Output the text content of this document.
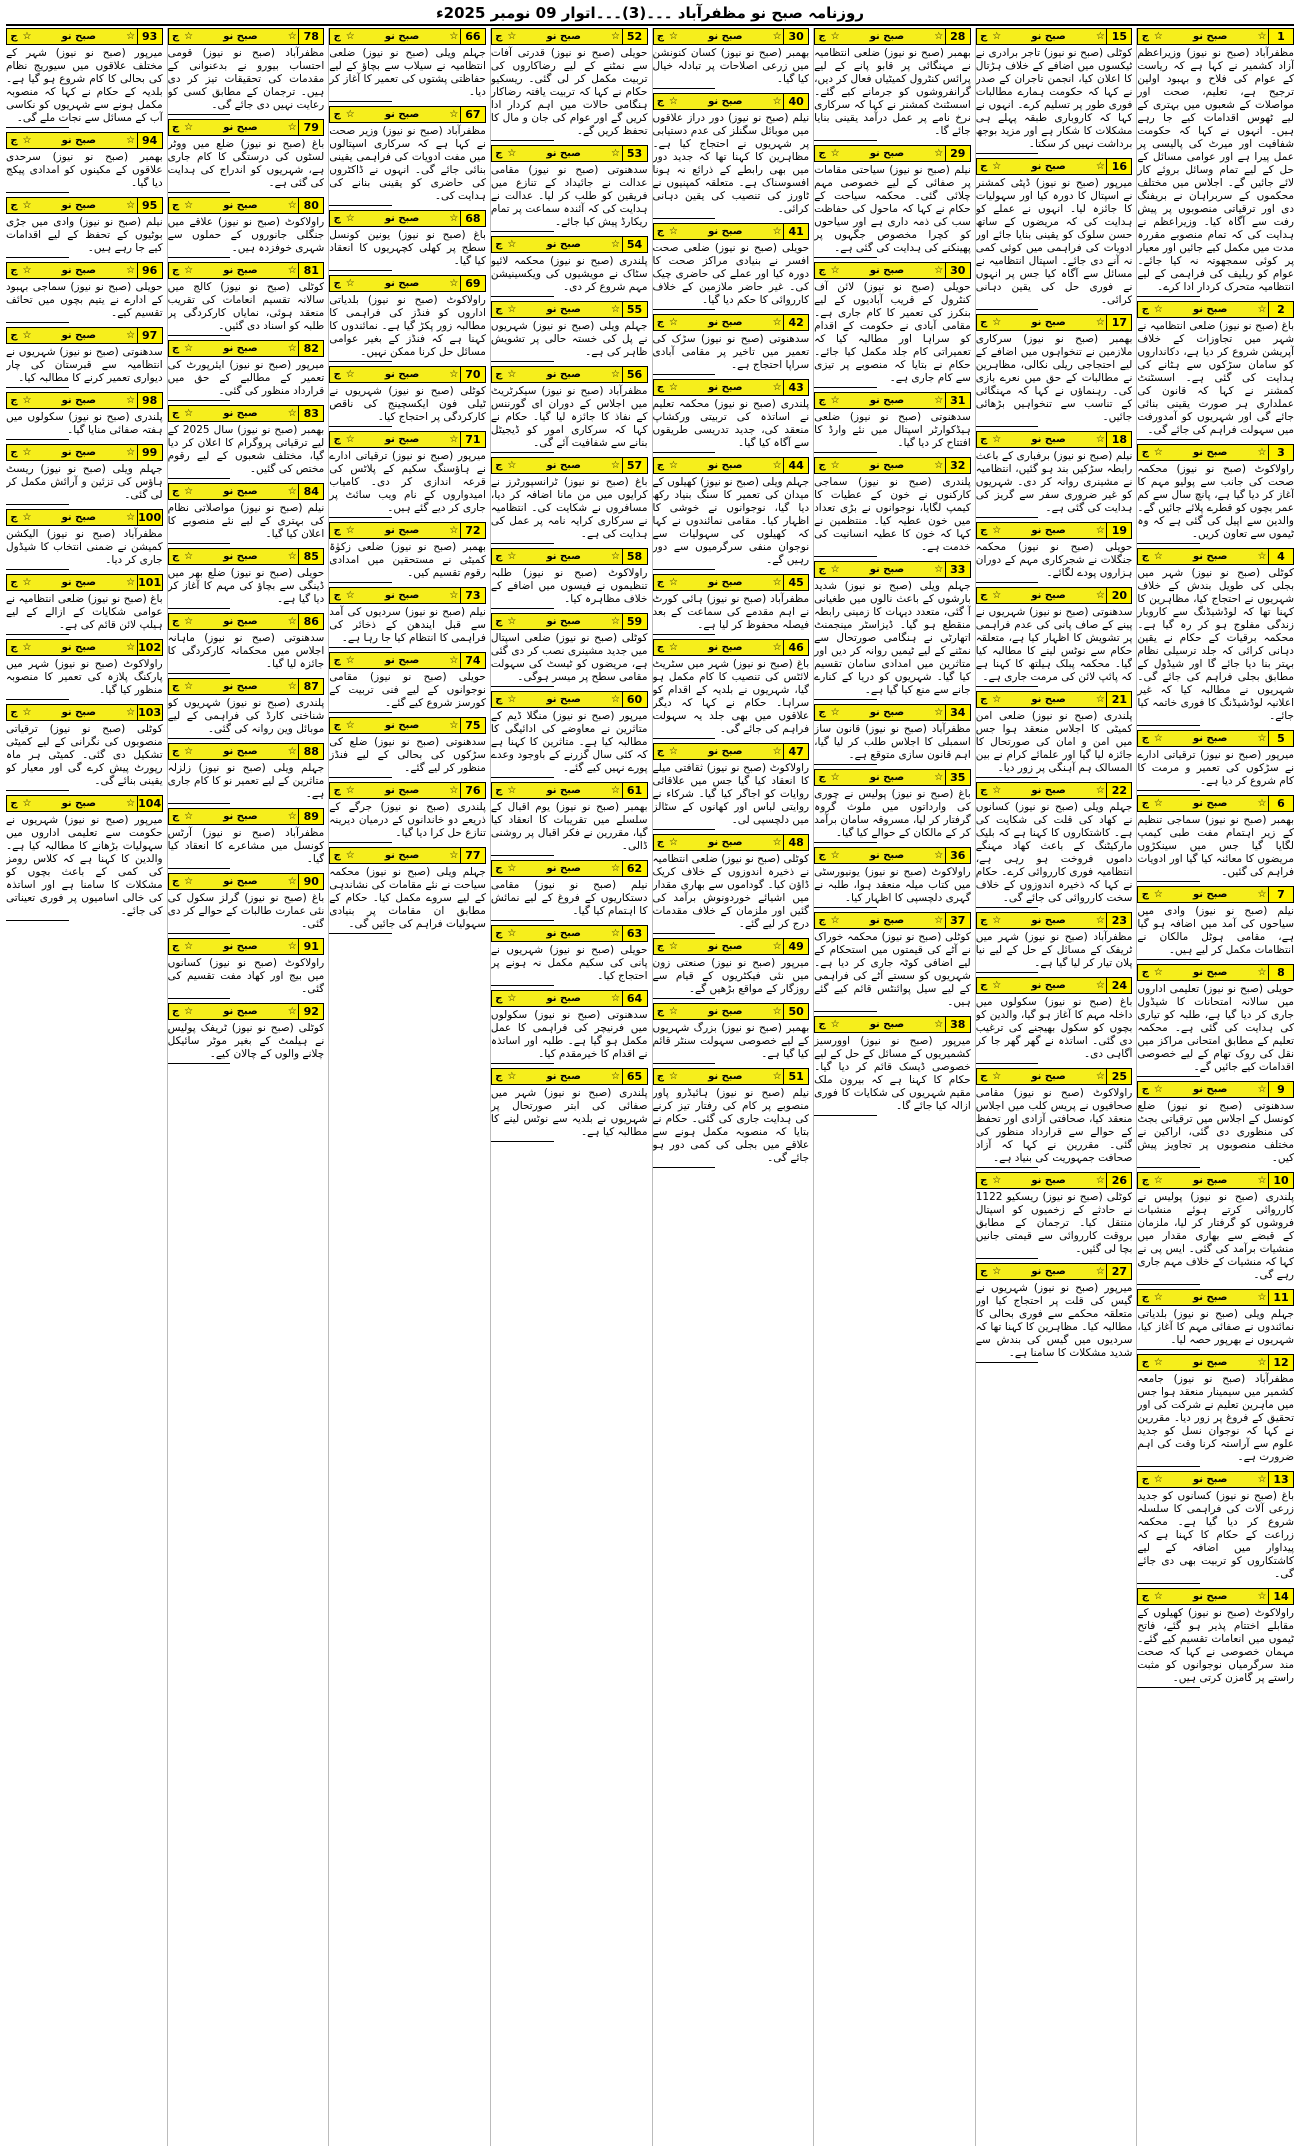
روزنامہ صبح نو مظفرآباد ۔۔۔(3)۔۔۔اتوار 09 نومبر 2025ء
1
☆
صبح نو
☆
ج
مظفرآباد (صبح نو نیوز) وزیراعظم آزاد کشمیر نے کہا ہے کہ ریاست کے عوام کی فلاح و بہبود اولین ترجیح ہے، تعلیم، صحت اور مواصلات کے شعبوں میں بہتری کے لیے ٹھوس اقدامات کیے جا رہے ہیں۔ انہوں نے کہا کہ حکومت شفافیت اور میرٹ کی پالیسی پر عمل پیرا ہے اور عوامی مسائل کے حل کے لیے تمام وسائل بروئے کار لائے جائیں گے۔ اجلاس میں مختلف محکموں کے سربراہان نے بریفنگ دی اور ترقیاتی منصوبوں پر پیش رفت سے آگاہ کیا۔ وزیراعظم نے ہدایت کی کہ تمام منصوبے مقررہ مدت میں مکمل کیے جائیں اور معیار پر کوئی سمجھوتہ نہ کیا جائے۔ عوام کو ریلیف کی فراہمی کے لیے انتظامیہ متحرک کردار ادا کرے۔
2
☆
صبح نو
☆
ج
باغ (صبح نو نیوز) ضلعی انتظامیہ نے شہر میں تجاوزات کے خلاف آپریشن شروع کر دیا ہے، دکانداروں کو سامان سڑکوں سے ہٹانے کی ہدایت کی گئی ہے۔ اسسٹنٹ کمشنر نے کہا کہ قانون کی عملداری ہر صورت یقینی بنائی جائے گی اور شہریوں کو آمدورفت میں سہولت فراہم کی جائے گی۔
3
☆
صبح نو
☆
ج
راولاکوٹ (صبح نو نیوز) محکمہ صحت کی جانب سے پولیو مہم کا آغاز کر دیا گیا ہے، پانچ سال سے کم عمر بچوں کو قطرے پلائے جائیں گے۔ والدین سے اپیل کی گئی ہے کہ وہ ٹیموں سے تعاون کریں۔
4
☆
صبح نو
☆
ج
کوٹلی (صبح نو نیوز) شہر میں بجلی کی طویل بندش کے خلاف شہریوں نے احتجاج کیا، مظاہرین کا کہنا تھا کہ لوڈشیڈنگ سے کاروبار زندگی مفلوج ہو کر رہ گیا ہے۔ محکمہ برقیات کے حکام نے یقین دہانی کرائی کہ جلد ترسیلی نظام بہتر بنا دیا جائے گا اور شیڈول کے مطابق بجلی فراہم کی جائے گی۔ شہریوں نے مطالبہ کیا کہ غیر اعلانیہ لوڈشیڈنگ کا فوری خاتمہ کیا جائے۔
5
☆
صبح نو
☆
ج
میرپور (صبح نو نیوز) ترقیاتی ادارے نے سڑکوں کی تعمیر و مرمت کا کام شروع کر دیا ہے۔
6
☆
صبح نو
☆
ج
بھمبر (صبح نو نیوز) سماجی تنظیم کے زیر اہتمام مفت طبی کیمپ لگایا گیا جس میں سینکڑوں مریضوں کا معائنہ کیا گیا اور ادویات فراہم کی گئیں۔
7
☆
صبح نو
☆
ج
نیلم (صبح نو نیوز) وادی میں سیاحوں کی آمد میں اضافہ ہو گیا ہے، مقامی ہوٹل مالکان نے انتظامات مکمل کر لیے ہیں۔
8
☆
صبح نو
☆
ج
حویلی (صبح نو نیوز) تعلیمی اداروں میں سالانہ امتحانات کا شیڈول جاری کر دیا گیا ہے، طلبہ کو تیاری کی ہدایت کی گئی ہے۔ محکمہ تعلیم کے مطابق امتحانی مراکز میں نقل کی روک تھام کے لیے خصوصی اقدامات کیے جائیں گے۔
9
☆
صبح نو
☆
ج
سدھنوتی (صبح نو نیوز) ضلع کونسل کے اجلاس میں ترقیاتی بجٹ کی منظوری دی گئی، اراکین نے مختلف منصوبوں پر تجاویز پیش کیں۔
10
☆
صبح نو
☆
ج
پلندری (صبح نو نیوز) پولیس نے کارروائی کرتے ہوئے منشیات فروشوں کو گرفتار کر لیا، ملزمان کے قبضے سے بھاری مقدار میں منشیات برآمد کی گئی۔ ایس پی نے کہا کہ منشیات کے خلاف مہم جاری رہے گی۔
11
☆
صبح نو
☆
ج
جہلم ویلی (صبح نو نیوز) بلدیاتی نمائندوں نے صفائی مہم کا آغاز کیا، شہریوں نے بھرپور حصہ لیا۔
12
☆
صبح نو
☆
ج
مظفرآباد (صبح نو نیوز) جامعہ کشمیر میں سیمینار منعقد ہوا جس میں ماہرین تعلیم نے شرکت کی اور تحقیق کے فروغ پر زور دیا۔ مقررین نے کہا کہ نوجوان نسل کو جدید علوم سے آراستہ کرنا وقت کی اہم ضرورت ہے۔
13
☆
صبح نو
☆
ج
باغ (صبح نو نیوز) کسانوں کو جدید زرعی آلات کی فراہمی کا سلسلہ شروع کر دیا گیا ہے۔ محکمہ زراعت کے حکام کا کہنا ہے کہ پیداوار میں اضافہ کے لیے کاشتکاروں کو تربیت بھی دی جائے گی۔
14
☆
صبح نو
☆
ج
راولاکوٹ (صبح نو نیوز) کھیلوں کے مقابلے اختتام پذیر ہو گئے، فاتح ٹیموں میں انعامات تقسیم کیے گئے۔ مہمان خصوصی نے کہا کہ صحت مند سرگرمیاں نوجوانوں کو مثبت راستے پر گامزن کرتی ہیں۔
15
☆
صبح نو
☆
ج
کوٹلی (صبح نو نیوز) تاجر برادری نے ٹیکسوں میں اضافے کے خلاف ہڑتال کا اعلان کیا، انجمن تاجران کے صدر نے کہا کہ حکومت ہمارے مطالبات فوری طور پر تسلیم کرے۔ انہوں نے کہا کہ کاروباری طبقہ پہلے ہی مشکلات کا شکار ہے اور مزید بوجھ برداشت نہیں کر سکتا۔
16
☆
صبح نو
☆
ج
میرپور (صبح نو نیوز) ڈپٹی کمشنر نے اسپتال کا دورہ کیا اور سہولیات کا جائزہ لیا۔ انہوں نے عملے کو ہدایت کی کہ مریضوں کے ساتھ حسن سلوک کو یقینی بنایا جائے اور ادویات کی فراہمی میں کوئی کمی نہ آنے دی جائے۔ اسپتال انتظامیہ نے مسائل سے آگاہ کیا جس پر انہوں نے فوری حل کی یقین دہانی کرائی۔
17
☆
صبح نو
☆
ج
بھمبر (صبح نو نیوز) سرکاری ملازمین نے تنخواہوں میں اضافے کے لیے احتجاجی ریلی نکالی، مظاہرین نے مطالبات کے حق میں نعرے بازی کی۔ رہنماؤں نے کہا کہ مہنگائی کے تناسب سے تنخواہیں بڑھائی جائیں۔
18
☆
صبح نو
☆
ج
نیلم (صبح نو نیوز) برفباری کے باعث رابطہ سڑکیں بند ہو گئیں، انتظامیہ نے مشینری روانہ کر دی۔ شہریوں کو غیر ضروری سفر سے گریز کی ہدایت کی گئی ہے۔
19
☆
صبح نو
☆
ج
حویلی (صبح نو نیوز) محکمہ جنگلات نے شجرکاری مہم کے دوران ہزاروں پودے لگائے۔
20
☆
صبح نو
☆
ج
سدھنوتی (صبح نو نیوز) شہریوں نے پینے کے صاف پانی کی عدم فراہمی پر تشویش کا اظہار کیا ہے، متعلقہ حکام سے نوٹس لینے کا مطالبہ کیا گیا۔ محکمہ پبلک ہیلتھ کا کہنا ہے کہ پائپ لائن کی مرمت جاری ہے۔
21
☆
صبح نو
☆
ج
پلندری (صبح نو نیوز) ضلعی امن کمیٹی کا اجلاس منعقد ہوا جس میں امن و امان کی صورتحال کا جائزہ لیا گیا اور علمائے کرام نے بین المسالک ہم آہنگی پر زور دیا۔
22
☆
صبح نو
☆
ج
جہلم ویلی (صبح نو نیوز) کسانوں نے کھاد کی قلت کی شکایت کی ہے۔ کاشتکاروں کا کہنا ہے کہ بلیک مارکیٹنگ کے باعث کھاد مہنگے داموں فروخت ہو رہی ہے، انتظامیہ فوری کارروائی کرے۔ حکام نے کہا کہ ذخیرہ اندوزوں کے خلاف سخت کارروائی کی جائے گی۔
23
☆
صبح نو
☆
ج
مظفرآباد (صبح نو نیوز) شہر میں ٹریفک کے مسائل کے حل کے لیے نیا پلان تیار کر لیا گیا ہے۔
24
☆
صبح نو
☆
ج
باغ (صبح نو نیوز) سکولوں میں داخلہ مہم کا آغاز ہو گیا، والدین کو بچوں کو سکول بھیجنے کی ترغیب دی گئی۔ اساتذہ نے گھر گھر جا کر آگاہی دی۔
25
☆
صبح نو
☆
ج
راولاکوٹ (صبح نو نیوز) مقامی صحافیوں نے پریس کلب میں اجلاس منعقد کیا، صحافتی آزادی اور تحفظ کے حوالے سے قرارداد منظور کی گئی۔ مقررین نے کہا کہ آزاد صحافت جمہوریت کی بنیاد ہے۔
26
☆
صبح نو
☆
ج
کوٹلی (صبح نو نیوز) ریسکیو 1122 نے حادثے کے زخمیوں کو اسپتال منتقل کیا۔ ترجمان کے مطابق بروقت کارروائی سے قیمتی جانیں بچا لی گئیں۔
27
☆
صبح نو
☆
ج
میرپور (صبح نو نیوز) شہریوں نے گیس کی قلت پر احتجاج کیا اور متعلقہ محکمے سے فوری بحالی کا مطالبہ کیا۔ مظاہرین کا کہنا تھا کہ سردیوں میں گیس کی بندش سے شدید مشکلات کا سامنا ہے۔
28
☆
صبح نو
☆
ج
بھمبر (صبح نو نیوز) ضلعی انتظامیہ نے مہنگائی پر قابو پانے کے لیے پرائس کنٹرول کمیٹیاں فعال کر دیں، گرانفروشوں کو جرمانے کیے گئے۔ اسسٹنٹ کمشنر نے کہا کہ سرکاری نرخ نامے پر عمل درآمد یقینی بنایا جائے گا۔
29
☆
صبح نو
☆
ج
نیلم (صبح نو نیوز) سیاحتی مقامات پر صفائی کے لیے خصوصی مہم چلائی گئی۔ محکمہ سیاحت کے حکام نے کہا کہ ماحول کی حفاظت سب کی ذمہ داری ہے اور سیاحوں کو کچرا مخصوص جگہوں پر پھینکنے کی ہدایت کی گئی ہے۔
30
☆
صبح نو
☆
ج
حویلی (صبح نو نیوز) لائن آف کنٹرول کے قریب آبادیوں کے لیے بنکرز کی تعمیر کا کام جاری ہے۔ مقامی آبادی نے حکومت کے اقدام کو سراہا اور مطالبہ کیا کہ تعمیراتی کام جلد مکمل کیا جائے۔ حکام نے بتایا کہ منصوبے پر تیزی سے کام جاری ہے۔
31
☆
صبح نو
☆
ج
سدھنوتی (صبح نو نیوز) ضلعی ہیڈکوارٹر اسپتال میں نئے وارڈ کا افتتاح کر دیا گیا۔
32
☆
صبح نو
☆
ج
پلندری (صبح نو نیوز) سماجی کارکنوں نے خون کے عطیات کا کیمپ لگایا، نوجوانوں نے بڑی تعداد میں خون عطیہ کیا۔ منتظمین نے کہا کہ خون کا عطیہ انسانیت کی خدمت ہے۔
33
☆
صبح نو
☆
ج
جہلم ویلی (صبح نو نیوز) شدید بارشوں کے باعث نالوں میں طغیانی آ گئی، متعدد دیہات کا زمینی رابطہ منقطع ہو گیا۔ ڈیزاسٹر مینجمنٹ اتھارٹی نے ہنگامی صورتحال سے نمٹنے کے لیے ٹیمیں روانہ کر دیں اور متاثرین میں امدادی سامان تقسیم کیا گیا۔ شہریوں کو دریا کے کنارے جانے سے منع کیا گیا ہے۔
34
☆
صبح نو
☆
ج
مظفرآباد (صبح نو نیوز) قانون ساز اسمبلی کا اجلاس طلب کر لیا گیا، اہم قانون سازی متوقع ہے۔
35
☆
صبح نو
☆
ج
باغ (صبح نو نیوز) پولیس نے چوری کی وارداتوں میں ملوث گروہ گرفتار کر لیا، مسروقہ سامان برآمد کر کے مالکان کے حوالے کیا گیا۔
36
☆
صبح نو
☆
ج
راولاکوٹ (صبح نو نیوز) یونیورسٹی میں کتاب میلہ منعقد ہوا، طلبہ نے گہری دلچسپی کا اظہار کیا۔
37
☆
صبح نو
☆
ج
کوٹلی (صبح نو نیوز) محکمہ خوراک نے آٹے کی قیمتوں میں استحکام کے لیے اضافی کوٹہ جاری کر دیا ہے۔ شہریوں کو سستے آٹے کی فراہمی کے لیے سیل پوائنٹس قائم کیے گئے ہیں۔
38
☆
صبح نو
☆
ج
میرپور (صبح نو نیوز) اوورسیز کشمیریوں کے مسائل کے حل کے لیے خصوصی ڈیسک قائم کر دیا گیا۔ حکام کا کہنا ہے کہ بیرون ملک مقیم شہریوں کی شکایات کا فوری ازالہ کیا جائے گا۔
30
☆
صبح نو
☆
ج
بھمبر (صبح نو نیوز) کسان کنونشن میں زرعی اصلاحات پر تبادلہ خیال کیا گیا۔
40
☆
صبح نو
☆
ج
نیلم (صبح نو نیوز) دور دراز علاقوں میں موبائل سگنلز کی عدم دستیابی پر شہریوں نے احتجاج کیا ہے۔ مظاہرین کا کہنا تھا کہ جدید دور میں بھی رابطے کے ذرائع نہ ہونا افسوسناک ہے۔ متعلقہ کمپنیوں نے ٹاورز کی تنصیب کی یقین دہانی کرائی۔
41
☆
صبح نو
☆
ج
حویلی (صبح نو نیوز) ضلعی صحت افسر نے بنیادی مراکز صحت کا دورہ کیا اور عملے کی حاضری چیک کی۔ غیر حاضر ملازمین کے خلاف کارروائی کا حکم دیا گیا۔
42
☆
صبح نو
☆
ج
سدھنوتی (صبح نو نیوز) سڑک کی تعمیر میں تاخیر پر مقامی آبادی سراپا احتجاج ہے۔
43
☆
صبح نو
☆
ج
پلندری (صبح نو نیوز) محکمہ تعلیم نے اساتذہ کی تربیتی ورکشاپ منعقد کی، جدید تدریسی طریقوں سے آگاہ کیا گیا۔
44
☆
صبح نو
☆
ج
جہلم ویلی (صبح نو نیوز) کھیلوں کے میدان کی تعمیر کا سنگ بنیاد رکھ دیا گیا، نوجوانوں نے خوشی کا اظہار کیا۔ مقامی نمائندوں نے کہا کہ کھیلوں کی سہولیات سے نوجوان منفی سرگرمیوں سے دور رہیں گے۔
45
☆
صبح نو
☆
ج
مظفرآباد (صبح نو نیوز) ہائی کورٹ نے اہم مقدمے کی سماعت کے بعد فیصلہ محفوظ کر لیا ہے۔
46
☆
صبح نو
☆
ج
باغ (صبح نو نیوز) شہر میں سٹریٹ لائٹس کی تنصیب کا کام مکمل ہو گیا، شہریوں نے بلدیہ کے اقدام کو سراہا۔ حکام نے کہا کہ دیگر علاقوں میں بھی جلد یہ سہولت فراہم کی جائے گی۔
47
☆
صبح نو
☆
ج
راولاکوٹ (صبح نو نیوز) ثقافتی میلے کا انعقاد کیا گیا جس میں علاقائی روایات کو اجاگر کیا گیا۔ شرکاء نے روایتی لباس اور کھانوں کے سٹالز میں دلچسپی لی۔
48
☆
صبح نو
☆
ج
کوٹلی (صبح نو نیوز) ضلعی انتظامیہ نے ذخیرہ اندوزوں کے خلاف کریک ڈاؤن کیا۔ گوداموں سے بھاری مقدار میں اشیائے خوردونوش برآمد کی گئیں اور ملزمان کے خلاف مقدمات درج کر لیے گئے۔
49
☆
صبح نو
☆
ج
میرپور (صبح نو نیوز) صنعتی زون میں نئی فیکٹریوں کے قیام سے روزگار کے مواقع بڑھیں گے۔
50
☆
صبح نو
☆
ج
بھمبر (صبح نو نیوز) بزرگ شہریوں کے لیے خصوصی سہولت سنٹر قائم کیا گیا ہے۔
51
☆
صبح نو
☆
ج
نیلم (صبح نو نیوز) ہائیڈرو پاور منصوبے پر کام کی رفتار تیز کرنے کی ہدایت جاری کی گئی۔ حکام نے بتایا کہ منصوبہ مکمل ہونے سے علاقے میں بجلی کی کمی دور ہو جائے گی۔
52
☆
صبح نو
☆
ج
حویلی (صبح نو نیوز) قدرتی آفات سے نمٹنے کے لیے رضاکاروں کی تربیت مکمل کر لی گئی۔ ریسکیو حکام نے کہا کہ تربیت یافتہ رضاکار ہنگامی حالات میں اہم کردار ادا کریں گے اور عوام کی جان و مال کا تحفظ کریں گے۔
53
☆
صبح نو
☆
ج
سدھنوتی (صبح نو نیوز) مقامی عدالت نے جائیداد کے تنازع میں فریقین کو طلب کر لیا۔ عدالت نے ہدایت کی کہ آئندہ سماعت پر تمام ریکارڈ پیش کیا جائے۔
54
☆
صبح نو
☆
ج
پلندری (صبح نو نیوز) محکمہ لائیو سٹاک نے مویشیوں کی ویکسینیشن مہم شروع کر دی۔
55
☆
صبح نو
☆
ج
جہلم ویلی (صبح نو نیوز) شہریوں نے پل کی خستہ حالی پر تشویش ظاہر کی ہے۔
56
☆
صبح نو
☆
ج
مظفرآباد (صبح نو نیوز) سیکرٹریٹ میں اجلاس کے دوران ای گورننس کے نفاذ کا جائزہ لیا گیا۔ حکام نے کہا کہ سرکاری امور کو ڈیجیٹل بنانے سے شفافیت آئے گی۔
57
☆
صبح نو
☆
ج
باغ (صبح نو نیوز) ٹرانسپورٹرز نے کرایوں میں من مانا اضافہ کر دیا، مسافروں نے شکایت کی۔ انتظامیہ نے سرکاری کرایہ نامہ پر عمل کی ہدایت کی ہے۔
58
☆
صبح نو
☆
ج
راولاکوٹ (صبح نو نیوز) طلبہ تنظیموں نے فیسوں میں اضافے کے خلاف مظاہرہ کیا۔
59
☆
صبح نو
☆
ج
کوٹلی (صبح نو نیوز) ضلعی اسپتال میں جدید مشینری نصب کر دی گئی ہے، مریضوں کو ٹیسٹ کی سہولت مقامی سطح پر میسر ہوگی۔
60
☆
صبح نو
☆
ج
میرپور (صبح نو نیوز) منگلا ڈیم کے متاثرین نے معاوضے کی ادائیگی کا مطالبہ کیا ہے۔ متاثرین کا کہنا ہے کہ کئی سال گزرنے کے باوجود وعدے پورے نہیں کیے گئے۔
61
☆
صبح نو
☆
ج
بھمبر (صبح نو نیوز) یوم اقبال کے سلسلے میں تقریبات کا انعقاد کیا گیا، مقررین نے فکر اقبال پر روشنی ڈالی۔
62
☆
صبح نو
☆
ج
نیلم (صبح نو نیوز) مقامی دستکاریوں کے فروغ کے لیے نمائش کا اہتمام کیا گیا۔
63
☆
صبح نو
☆
ج
حویلی (صبح نو نیوز) شہریوں نے پانی کی سکیم مکمل نہ ہونے پر احتجاج کیا۔
64
☆
صبح نو
☆
ج
سدھنوتی (صبح نو نیوز) سکولوں میں فرنیچر کی فراہمی کا عمل مکمل ہو گیا ہے۔ طلبہ اور اساتذہ نے اقدام کا خیرمقدم کیا۔
65
☆
صبح نو
☆
ج
پلندری (صبح نو نیوز) شہر میں صفائی کی ابتر صورتحال پر شہریوں نے بلدیہ سے نوٹس لینے کا مطالبہ کیا ہے۔
66
☆
صبح نو
☆
ج
جہلم ویلی (صبح نو نیوز) ضلعی انتظامیہ نے سیلاب سے بچاؤ کے لیے حفاظتی پشتوں کی تعمیر کا آغاز کر دیا۔
67
☆
صبح نو
☆
ج
مظفرآباد (صبح نو نیوز) وزیر صحت نے کہا ہے کہ سرکاری اسپتالوں میں مفت ادویات کی فراہمی یقینی بنائی جائے گی۔ انہوں نے ڈاکٹروں کی حاضری کو یقینی بنانے کی ہدایت کی۔
68
☆
صبح نو
☆
ج
باغ (صبح نو نیوز) یونین کونسل سطح پر کھلی کچہریوں کا انعقاد کیا گیا۔
69
☆
صبح نو
☆
ج
راولاکوٹ (صبح نو نیوز) بلدیاتی اداروں کو فنڈز کی فراہمی کا مطالبہ زور پکڑ گیا ہے۔ نمائندوں کا کہنا ہے کہ فنڈز کے بغیر عوامی مسائل حل کرنا ممکن نہیں۔
70
☆
صبح نو
☆
ج
کوٹلی (صبح نو نیوز) شہریوں نے ٹیلی فون ایکسچینج کی ناقص کارکردگی پر احتجاج کیا۔
71
☆
صبح نو
☆
ج
میرپور (صبح نو نیوز) ترقیاتی ادارے نے ہاؤسنگ سکیم کے پلاٹس کی قرعہ اندازی کر دی۔ کامیاب امیدواروں کے نام ویب سائٹ پر جاری کر دیے گئے ہیں۔
72
☆
صبح نو
☆
ج
بھمبر (صبح نو نیوز) ضلعی زکوٰۃ کمیٹی نے مستحقین میں امدادی رقوم تقسیم کیں۔
73
☆
صبح نو
☆
ج
نیلم (صبح نو نیوز) سردیوں کی آمد سے قبل ایندھن کے ذخائر کی فراہمی کا انتظام کیا جا رہا ہے۔
74
☆
صبح نو
☆
ج
حویلی (صبح نو نیوز) مقامی نوجوانوں کے لیے فنی تربیت کے کورسز شروع کیے گئے۔
75
☆
صبح نو
☆
ج
سدھنوتی (صبح نو نیوز) ضلع کی سڑکوں کی بحالی کے لیے فنڈز منظور کر لیے گئے۔
76
☆
صبح نو
☆
ج
پلندری (صبح نو نیوز) جرگے کے ذریعے دو خاندانوں کے درمیان دیرینہ تنازع حل کرا دیا گیا۔
77
☆
صبح نو
☆
ج
جہلم ویلی (صبح نو نیوز) محکمہ سیاحت نے نئے مقامات کی نشاندہی کے لیے سروے مکمل کیا۔ حکام کے مطابق ان مقامات پر بنیادی سہولیات فراہم کی جائیں گی۔
78
☆
صبح نو
☆
ج
مظفرآباد (صبح نو نیوز) قومی احتساب بیورو نے بدعنوانی کے مقدمات کی تحقیقات تیز کر دی ہیں۔ ترجمان کے مطابق کسی کو رعایت نہیں دی جائے گی۔
79
☆
صبح نو
☆
ج
باغ (صبح نو نیوز) ضلع میں ووٹر لسٹوں کی درستگی کا کام جاری ہے، شہریوں کو اندراج کی ہدایت کی گئی ہے۔
80
☆
صبح نو
☆
ج
راولاکوٹ (صبح نو نیوز) علاقے میں جنگلی جانوروں کے حملوں سے شہری خوفزدہ ہیں۔
81
☆
صبح نو
☆
ج
کوٹلی (صبح نو نیوز) کالج میں سالانہ تقسیم انعامات کی تقریب منعقد ہوئی، نمایاں کارکردگی پر طلبہ کو اسناد دی گئیں۔
82
☆
صبح نو
☆
ج
میرپور (صبح نو نیوز) ایئرپورٹ کی تعمیر کے مطالبے کے حق میں قرارداد منظور کی گئی۔
83
☆
صبح نو
☆
ج
بھمبر (صبح نو نیوز) سال 2025 کے لیے ترقیاتی پروگرام کا اعلان کر دیا گیا، مختلف شعبوں کے لیے رقوم مختص کی گئیں۔
84
☆
صبح نو
☆
ج
نیلم (صبح نو نیوز) مواصلاتی نظام کی بہتری کے لیے نئے منصوبے کا اعلان کیا گیا۔
85
☆
صبح نو
☆
ج
حویلی (صبح نو نیوز) ضلع بھر میں ڈینگی سے بچاؤ کی مہم کا آغاز کر دیا گیا ہے۔
86
☆
صبح نو
☆
ج
سدھنوتی (صبح نو نیوز) ماہانہ اجلاس میں محکمانہ کارکردگی کا جائزہ لیا گیا۔
87
☆
صبح نو
☆
ج
پلندری (صبح نو نیوز) شہریوں کو شناختی کارڈ کی فراہمی کے لیے موبائل وین روانہ کی گئی۔
88
☆
صبح نو
☆
ج
جہلم ویلی (صبح نو نیوز) زلزلہ متاثرین کے لیے تعمیر نو کا کام جاری ہے۔
89
☆
صبح نو
☆
ج
مظفرآباد (صبح نو نیوز) آرٹس کونسل میں مشاعرے کا انعقاد کیا گیا۔
90
☆
صبح نو
☆
ج
باغ (صبح نو نیوز) گرلز سکول کی نئی عمارت طالبات کے حوالے کر دی گئی۔
91
☆
صبح نو
☆
ج
راولاکوٹ (صبح نو نیوز) کسانوں میں بیج اور کھاد مفت تقسیم کی گئی۔
92
☆
صبح نو
☆
ج
کوٹلی (صبح نو نیوز) ٹریفک پولیس نے ہیلمٹ کے بغیر موٹر سائیکل چلانے والوں کے چالان کیے۔
93
☆
صبح نو
☆
ج
میرپور (صبح نو نیوز) شہر کے مختلف علاقوں میں سیوریج نظام کی بحالی کا کام شروع ہو گیا ہے۔ بلدیہ کے حکام نے کہا کہ منصوبہ مکمل ہونے سے شہریوں کو نکاسی آب کے مسائل سے نجات ملے گی۔
94
☆
صبح نو
☆
ج
بھمبر (صبح نو نیوز) سرحدی علاقوں کے مکینوں کو امدادی پیکج دیا گیا۔
95
☆
صبح نو
☆
ج
نیلم (صبح نو نیوز) وادی میں جڑی بوٹیوں کے تحفظ کے لیے اقدامات کیے جا رہے ہیں۔
96
☆
صبح نو
☆
ج
حویلی (صبح نو نیوز) سماجی بہبود کے ادارے نے یتیم بچوں میں تحائف تقسیم کیے۔
97
☆
صبح نو
☆
ج
سدھنوتی (صبح نو نیوز) شہریوں نے انتظامیہ سے قبرستان کی چار دیواری تعمیر کرنے کا مطالبہ کیا۔
98
☆
صبح نو
☆
ج
پلندری (صبح نو نیوز) سکولوں میں ہفتہ صفائی منایا گیا۔
99
☆
صبح نو
☆
ج
جہلم ویلی (صبح نو نیوز) ریسٹ ہاؤس کی تزئین و آرائش مکمل کر لی گئی۔
100
☆
صبح نو
☆
ج
مظفرآباد (صبح نو نیوز) الیکشن کمیشن نے ضمنی انتخاب کا شیڈول جاری کر دیا۔
101
☆
صبح نو
☆
ج
باغ (صبح نو نیوز) ضلعی انتظامیہ نے عوامی شکایات کے ازالے کے لیے ہیلپ لائن قائم کی ہے۔
102
☆
صبح نو
☆
ج
راولاکوٹ (صبح نو نیوز) شہر میں پارکنگ پلازہ کی تعمیر کا منصوبہ منظور کیا گیا۔
103
☆
صبح نو
☆
ج
کوٹلی (صبح نو نیوز) ترقیاتی منصوبوں کی نگرانی کے لیے کمیٹی تشکیل دی گئی۔ کمیٹی ہر ماہ رپورٹ پیش کرے گی اور معیار کو یقینی بنائے گی۔
104
☆
صبح نو
☆
ج
میرپور (صبح نو نیوز) شہریوں نے حکومت سے تعلیمی اداروں میں سہولیات بڑھانے کا مطالبہ کیا ہے۔ والدین کا کہنا ہے کہ کلاس رومز کی کمی کے باعث بچوں کو مشکلات کا سامنا ہے اور اساتذہ کی خالی اسامیوں پر فوری تعیناتی کی جائے۔
